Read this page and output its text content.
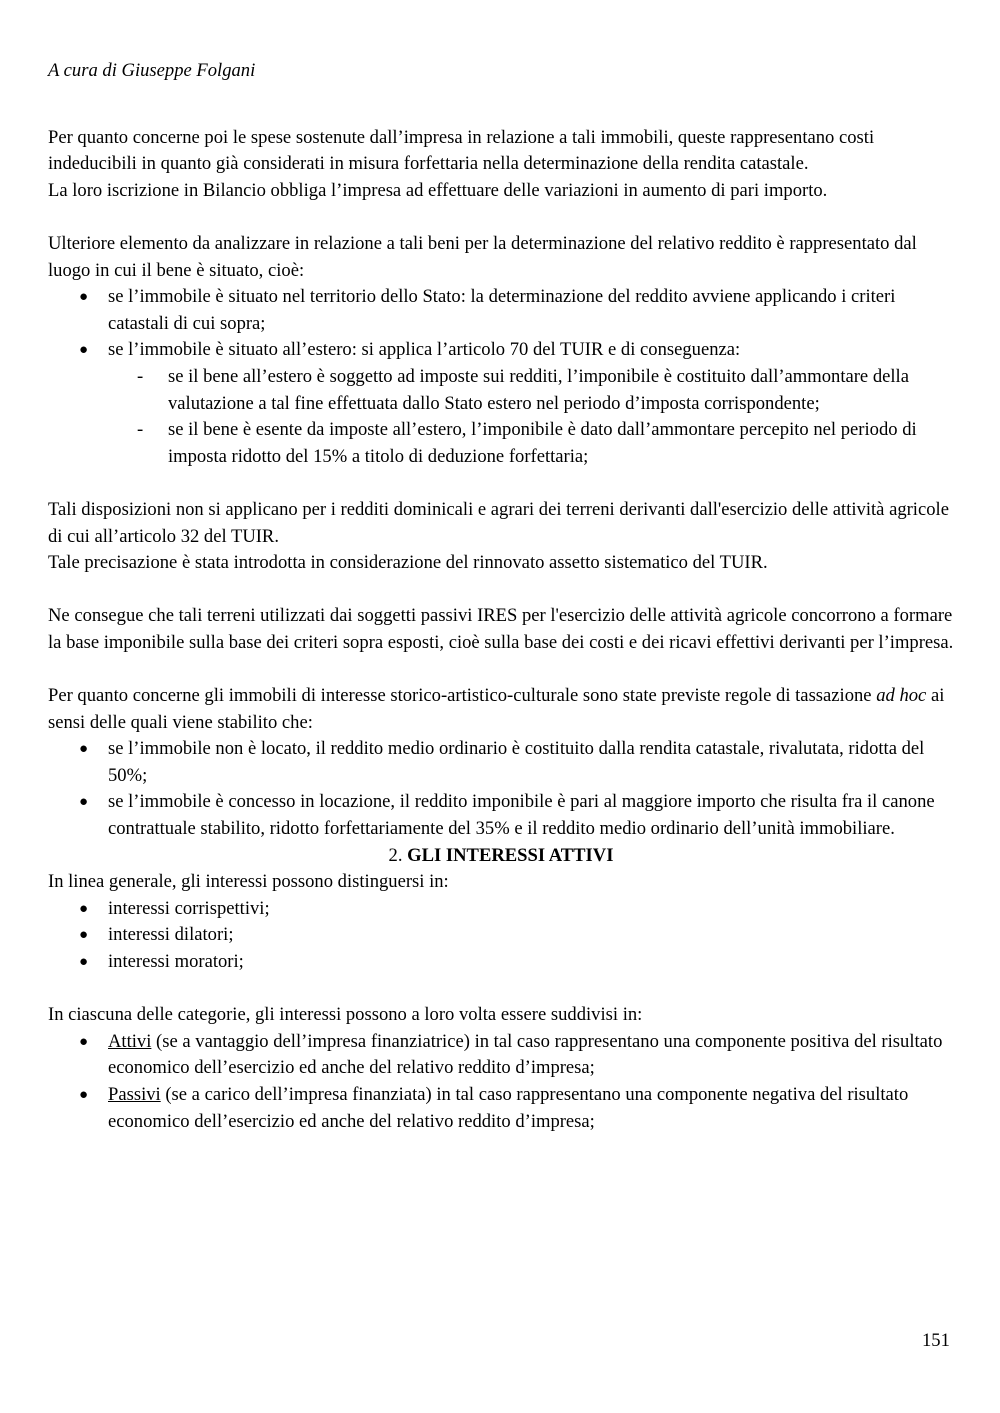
A cura di Giuseppe Folgani

Per quanto concerne poi le spese sostenute dall’impresa in relazione a tali immobili, queste rappresentano costi indeducibili in quanto già considerati in misura forfettaria nella determinazione della rendita catastale.

La loro iscrizione in Bilancio obbliga l’impresa ad effettuare delle variazioni in aumento di pari importo.

Ulteriore elemento da analizzare in relazione a tali beni per la determinazione del relativo reddito è rappresentato dal luogo in cui il bene è situato, cioè:

● se l’immobile è situato nel territorio dello Stato: la determinazione del reddito avviene applicando i criteri catastali di cui sopra;
● se l’immobile è situato all’estero: si applica l’articolo 70 del TUIR e di conseguenza:
- se il bene all’estero è soggetto ad imposte sui redditi, l’imponibile è costituito dall’ammontare della valutazione a tal fine effettuata dallo Stato estero nel periodo d’imposta corrispondente;
- se il bene è esente da imposte all’estero, l’imponibile è dato dall’ammontare percepito nel periodo di imposta ridotto del 15% a titolo di deduzione forfettaria;

Tali disposizioni non si applicano per i redditi dominicali e agrari dei terreni derivanti dall'esercizio delle attività agricole di cui all’articolo 32 del TUIR.

Tale precisazione è stata introdotta in considerazione del rinnovato assetto sistematico del TUIR.

Ne consegue che tali terreni utilizzati dai soggetti passivi IRES per l'esercizio delle attività agricole concorrono a formare la base imponibile sulla base dei criteri sopra esposti, cioè sulla base dei costi e dei ricavi effettivi derivanti per l’impresa.

Per quanto concerne gli immobili di interesse storico-artistico-culturale sono state previste regole di tassazione ad hoc ai sensi delle quali viene stabilito che:

● se l’immobile non è locato, il reddito medio ordinario è costituito dalla rendita catastale, rivalutata, ridotta del 50%;
● se l’immobile è concesso in locazione, il reddito imponibile è pari al maggiore importo che risulta fra il canone contrattuale stabilito, ridotto forfettariamente del 35% e il reddito medio ordinario dell’unità immobiliare.

2. GLI INTERESSI ATTIVI

In linea generale, gli interessi possono distinguersi in:

● interessi corrispettivi;
● interessi dilatori;
● interessi moratori;

In ciascuna delle categorie, gli interessi possono a loro volta essere suddivisi in:

● Attivi (se a vantaggio dell’impresa finanziatrice) in tal caso rappresentano una componente positiva del risultato economico dell’esercizio ed anche del relativo reddito d’impresa;
● Passivi (se a carico dell’impresa finanziata) in tal caso rappresentano una componente negativa del risultato economico dell’esercizio ed anche del relativo reddito d’impresa;
151
